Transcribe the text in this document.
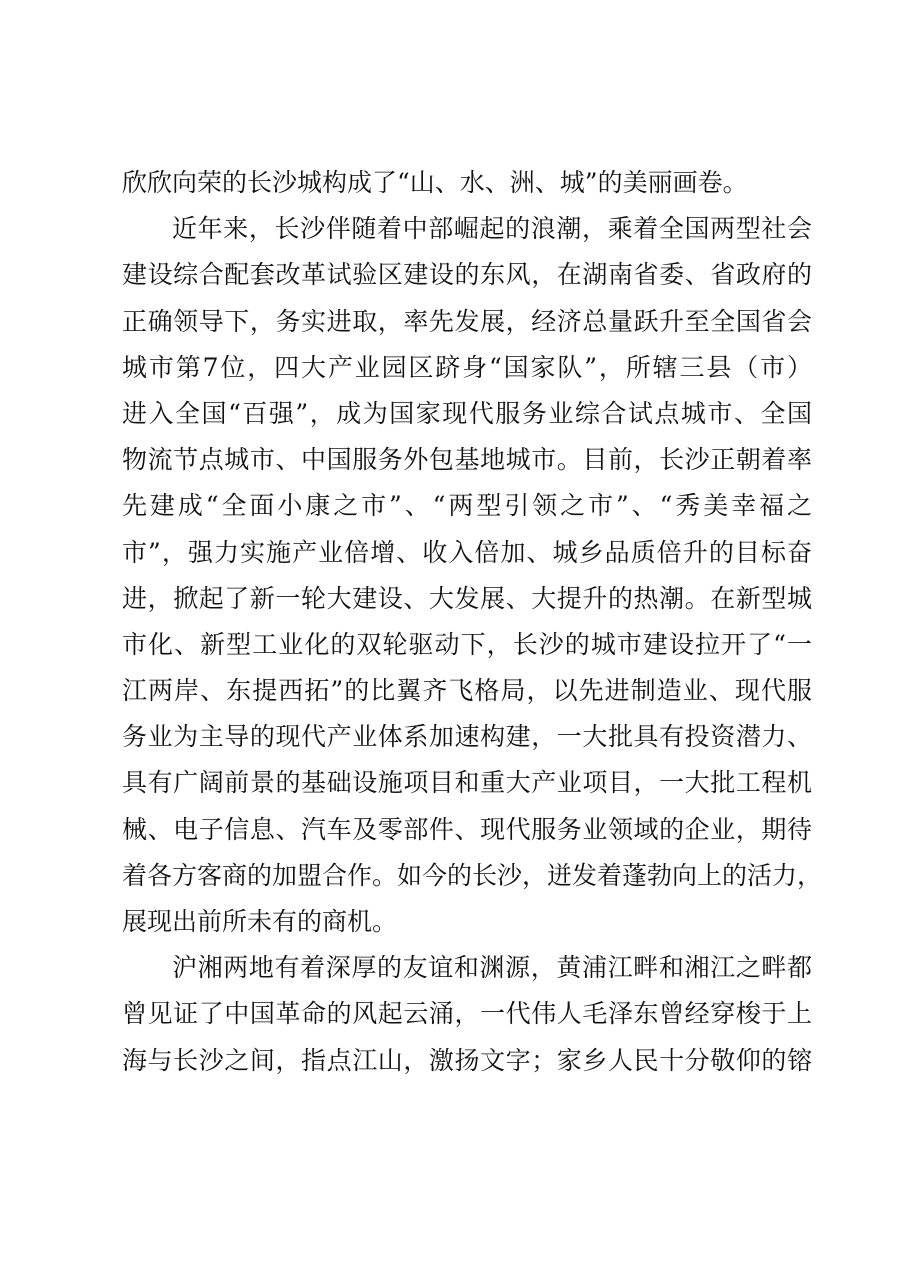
欣欣向荣的长沙城构成了“山、水、洲、城”的美丽画卷。
近年来，长沙伴随着中部崛起的浪潮，乘着全国两型社会
建设综合配套改革试验区建设的东风，在湖南省委、省政府的
正确领导下，务实进取，率先发展，经济总量跃升至全国省会
城市第7位，四大产业园区跻身“国家队”，所辖三县（市）
进入全国“百强”，成为国家现代服务业综合试点城市、全国
物流节点城市、中国服务外包基地城市。目前，长沙正朝着率
先建成“全面小康之市”、“两型引领之市”、“秀美幸福之
市”，强力实施产业倍增、收入倍加、城乡品质倍升的目标奋
进，掀起了新一轮大建设、大发展、大提升的热潮。在新型城
市化、新型工业化的双轮驱动下，长沙的城市建设拉开了“一
江两岸、东提西拓”的比翼齐飞格局，以先进制造业、现代服
务业为主导的现代产业体系加速构建，一大批具有投资潜力、
具有广阔前景的基础设施项目和重大产业项目，一大批工程机
械、电子信息、汽车及零部件、现代服务业领域的企业，期待
着各方客商的加盟合作。如今的长沙，迸发着蓬勃向上的活力，
展现出前所未有的商机。
沪湘两地有着深厚的友谊和渊源，黄浦江畔和湘江之畔都
曾见证了中国革命的风起云涌，一代伟人毛泽东曾经穿梭于上
海与长沙之间，指点江山，激扬文字；家乡人民十分敬仰的镕
